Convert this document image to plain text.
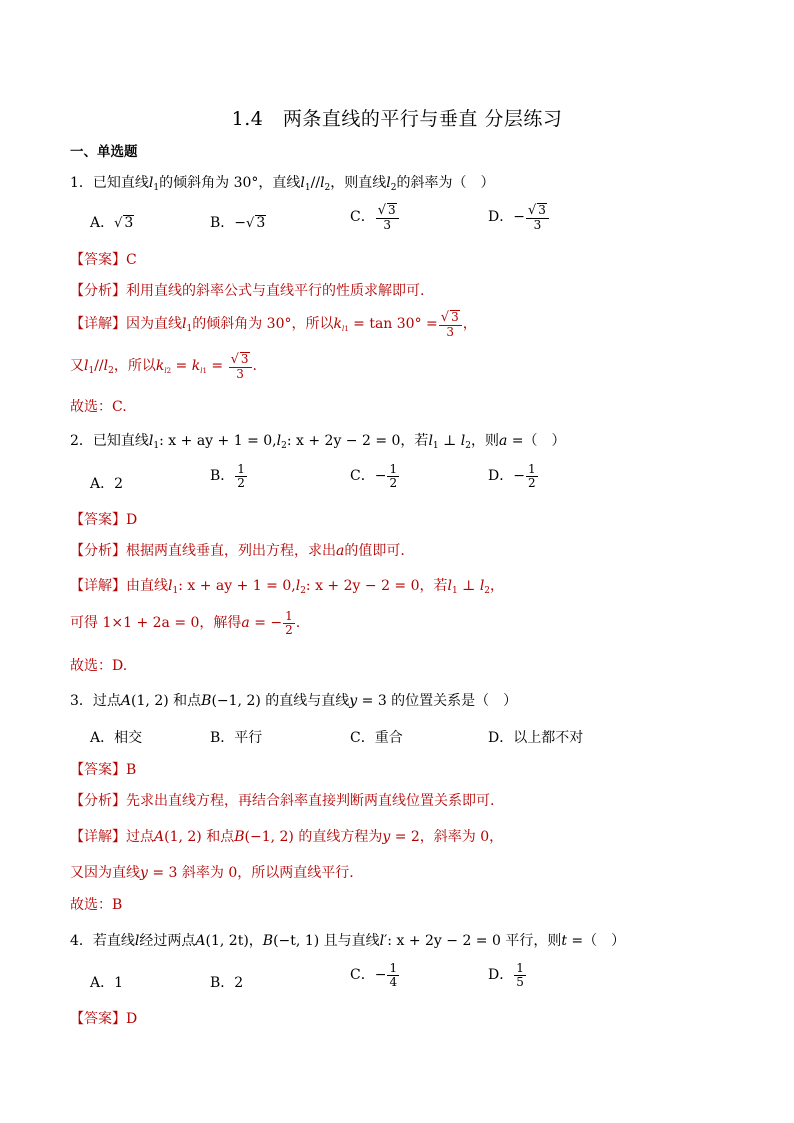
1.4　两条直线的平行与垂直 分层练习
一、单选题
1．已知直线$l_1$的倾斜角为 30°，直线$l_1//l_2$，则直线$l_2$的斜率为（　）
A．√ 3	B．−√ 3	C． $\frac{√ 3}{3}$	D．− $\frac{√ 3}{3}$
【答案】C
【分析】利用直线的斜率公式与直线平行的性质求解即可.
【详解】因为直线$l_1$的倾斜角为 30°，所以$k_{l1} = \tan 30^\circ = \frac{√ 3}{3}$ ，
又$l_1//l_2$，所以$k_{l2} = k_{l1} = \frac{√ 3}{3}$ .
故选：C.
2．已知直线$l_1$: x + ay + $1 = 0,l_2$: x + 2y − 2 = 0，若$l_1$ ⊥ $l_2$，则a =（　）
A．2	B． $\frac{1}{2}$	C．− $\frac{1}{2}$	D．− $\frac{1}{2}$
【答案】D
【分析】根据两直线垂直，列出方程，求出a的值即可.
【详解】由直线$l_1$: x + ay + $1 = 0,l_2$: x + 2y − 2 = 0，若$l_1$ ⊥ $l_2$，
可得 1×1 + 2a = 0，解得a = − $\frac{1}{2}$ .
故选：D.
3．过点A(1, 2) 和点B(−1, 2) 的直线与直线y = 3 的位置关系是（　）
A．相交	B．平行	C．重合	D．以上都不对
【答案】B
【分析】先求出直线方程，再结合斜率直接判断两直线位置关系即可.
【详解】过点A(1, 2) 和点B(−1, 2) 的直线方程为y = 2，斜率为 0，
又因为直线y = 3 斜率为 0，所以两直线平行.
故选：B
4．若直线l经过两点A(1, 2t)，B(−t, 1) 且与直线l′: x + 2y − 2 = 0 平行，则t =（　）
A．1	B．2	C．− $\frac{1}{4}$	D． $\frac{1}{5}$
【答案】D
